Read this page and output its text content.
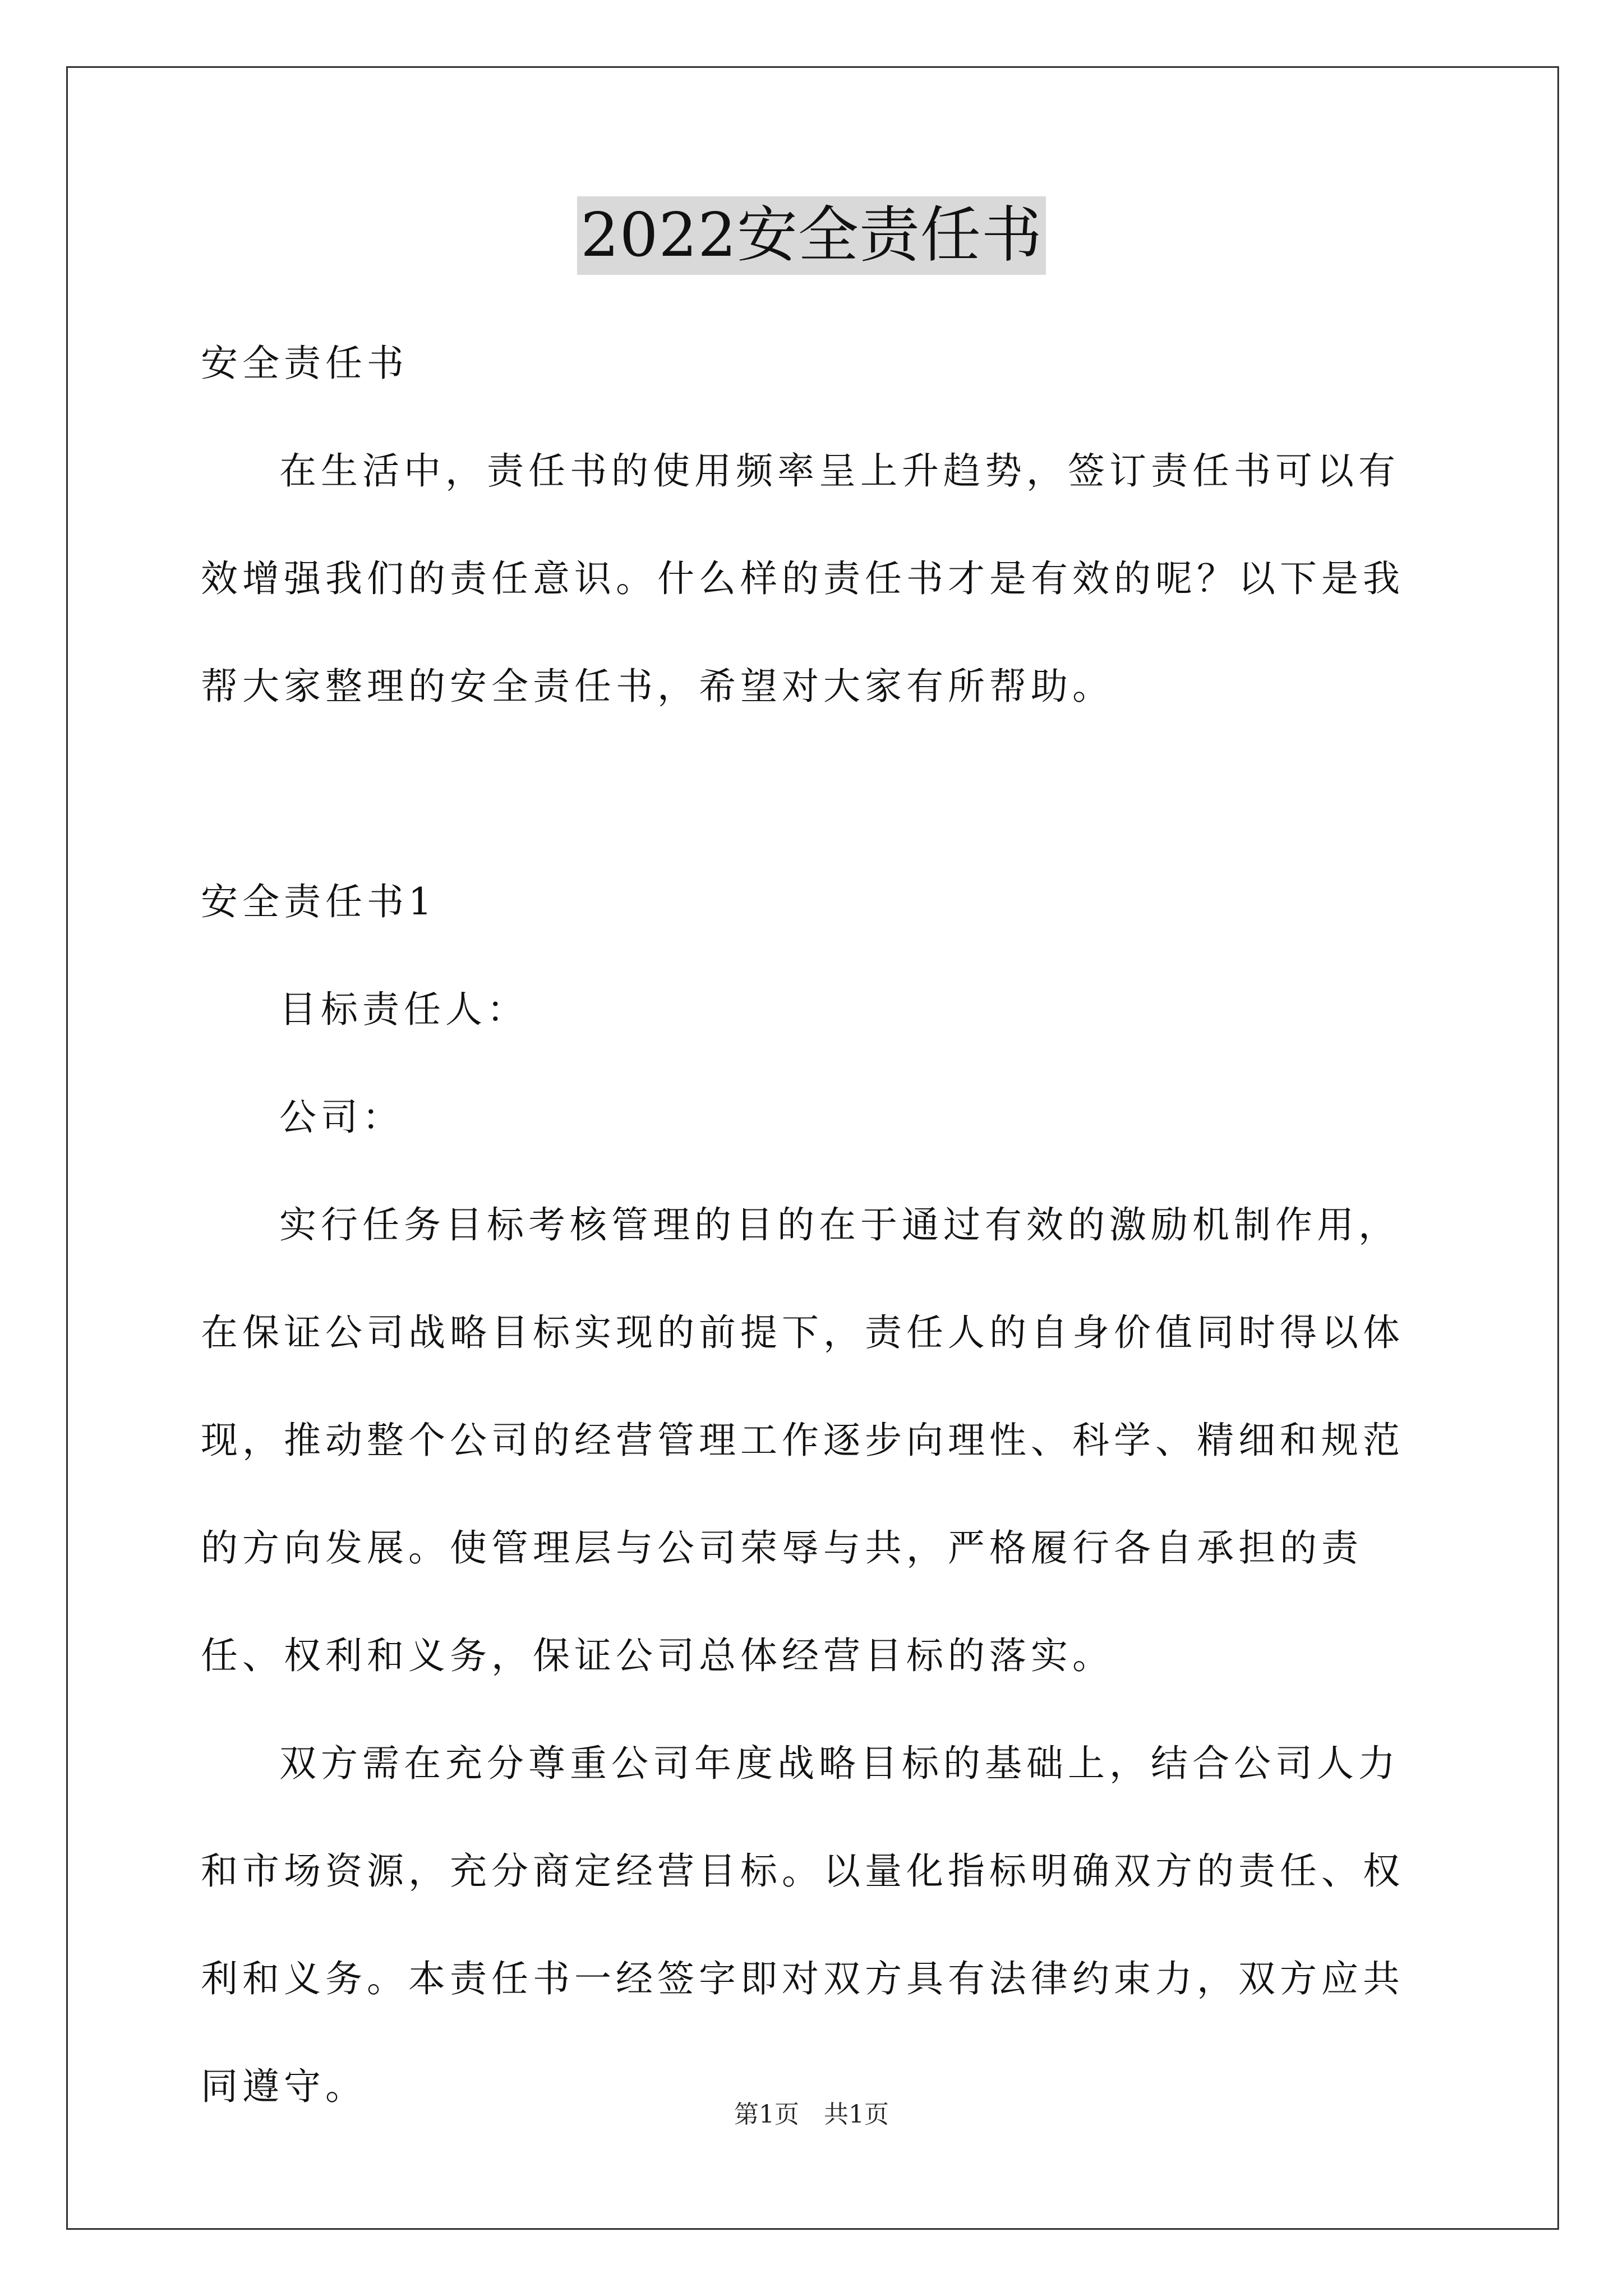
2022安全责任书

安全责任书

在生活中，责任书的使用频率呈上升趋势，签订责任书可以有效增强我们的责任意识。什么样的责任书才是有效的呢？以下是我帮大家整理的安全责任书，希望对大家有所帮助。

安全责任书1

目标责任人：

公司：

实行任务目标考核管理的目的在于通过有效的激励机制作用，在保证公司战略目标实现的前提下，责任人的自身价值同时得以体现，推动整个公司的经营管理工作逐步向理性、科学、精细和规范的方向发展。使管理层与公司荣辱与共，严格履行各自承担的责任、权利和义务，保证公司总体经营目标的落实。

双方需在充分尊重公司年度战略目标的基础上，结合公司人力和市场资源，充分商定经营目标。以量化指标明确双方的责任、权利和义务。本责任书一经签字即对双方具有法律约束力，双方应共同遵守。

第1页　共1页
